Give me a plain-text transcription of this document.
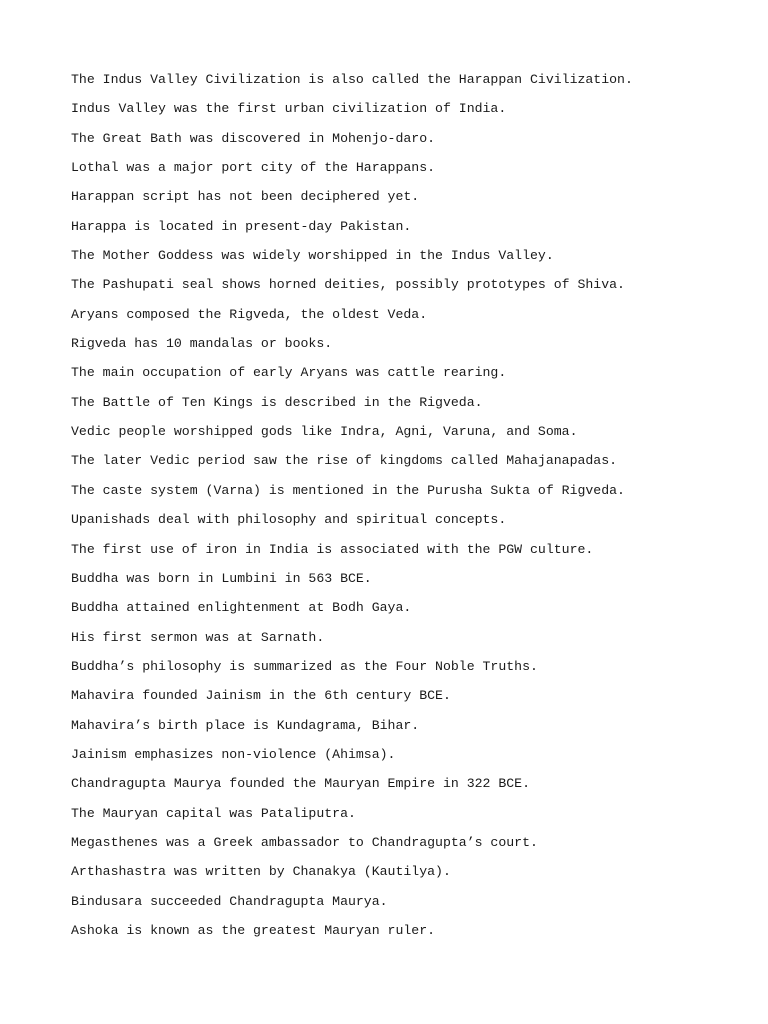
The Indus Valley Civilization is also called the Harappan Civilization.

Indus Valley was the first urban civilization of India.

The Great Bath was discovered in Mohenjo-daro.

Lothal was a major port city of the Harappans.

Harappan script has not been deciphered yet.

Harappa is located in present-day Pakistan.

The Mother Goddess was widely worshipped in the Indus Valley.

The Pashupati seal shows horned deities, possibly prototypes of Shiva.

Aryans composed the Rigveda, the oldest Veda.

Rigveda has 10 mandalas or books.

The main occupation of early Aryans was cattle rearing.

The Battle of Ten Kings is described in the Rigveda.

Vedic people worshipped gods like Indra, Agni, Varuna, and Soma.

The later Vedic period saw the rise of kingdoms called Mahajanapadas.

The caste system (Varna) is mentioned in the Purusha Sukta of Rigveda.

Upanishads deal with philosophy and spiritual concepts.

The first use of iron in India is associated with the PGW culture.

Buddha was born in Lumbini in 563 BCE.

Buddha attained enlightenment at Bodh Gaya.

His first sermon was at Sarnath.

Buddha’s philosophy is summarized as the Four Noble Truths.

Mahavira founded Jainism in the 6th century BCE.

Mahavira’s birth place is Kundagrama, Bihar.

Jainism emphasizes non-violence (Ahimsa).

Chandragupta Maurya founded the Mauryan Empire in 322 BCE.

The Mauryan capital was Pataliputra.

Megasthenes was a Greek ambassador to Chandragupta’s court.

Arthashastra was written by Chanakya (Kautilya).

Bindusara succeeded Chandragupta Maurya.

Ashoka is known as the greatest Mauryan ruler.
